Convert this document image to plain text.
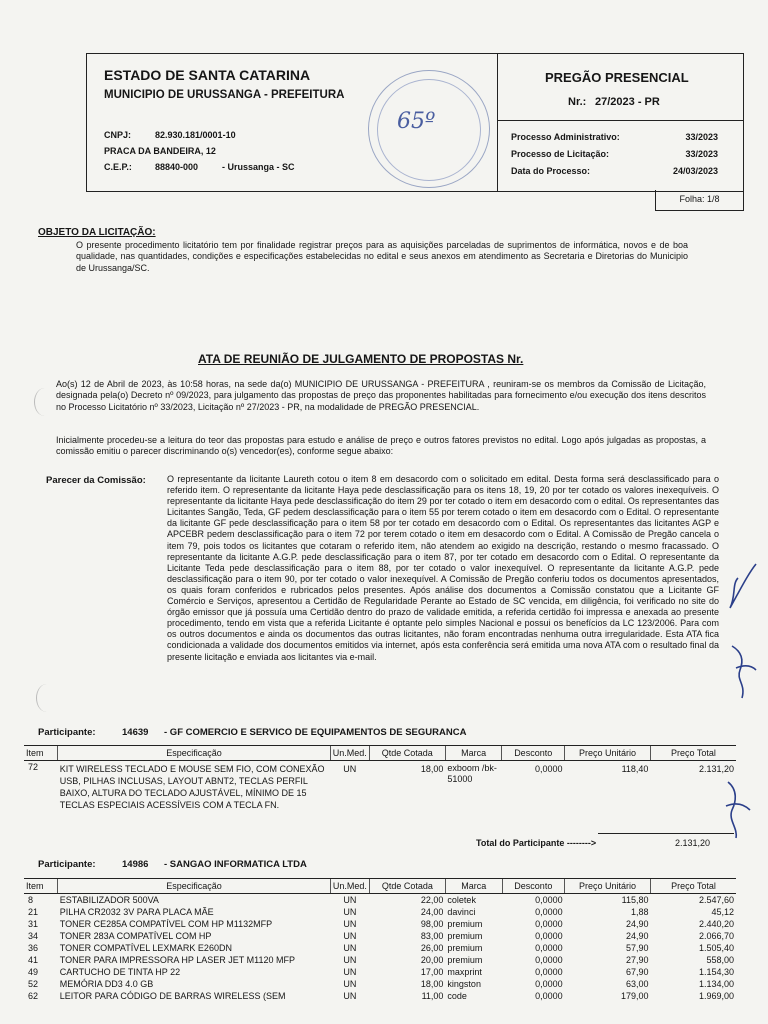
ESTADO DE SANTA CATARINA
MUNICIPIO DE URUSSANGA - PREFEITURA
CNPJ:	82.930.181/0001-10
PRACA DA BANDEIRA, 12
C.E.P.:	88840-000	- Urussanga - SC
65º
PREGÃO PRESENCIAL
Nr.: 27/2023 - PR
Processo Administrativo:	33/2023
Processo de Licitação:	33/2023
Data do Processo:	24/03/2023
Folha: 1/8
OBJETO DA LICITAÇÃO:
O presente procedimento licitatório tem por finalidade registrar preços para as aquisições parceladas de suprimentos de informática, novos e de boa qualidade, nas quantidades, condições e especificações estabelecidas no edital e seus anexos em atendimento as Secretaria e Diretorias do Municipio de Urussanga/SC.
ATA DE REUNIÃO DE JULGAMENTO DE PROPOSTAS Nr.
Ao(s) 12 de Abril de 2023, às 10:58 horas, na sede da(o) MUNICIPIO DE URUSSANGA - PREFEITURA , reuniram-se os membros da Comissão de Licitação, designada pela(o) Decreto nº 09/2023, para julgamento das propostas de preço das proponentes habilitadas para fornecimento e/ou execução dos itens descritos no Processo Licitatório nº 33/2023, Licitação nº 27/2023 - PR, na modalidade de PREGÃO PRESENCIAL.
Inicialmente procedeu-se a leitura do teor das propostas para estudo e análise de preço e outros fatores previstos no edital. Logo após julgadas as propostas, a comissão emitiu o parecer discriminando o(s) vencedor(es), conforme segue abaixo:
Parecer da Comissão: O representante da licitante Laureth cotou o item 8 em desacordo com o solicitado em edital. Desta forma será desclassificado para o referido item. O representante da licitante Haya pede desclassificação para os itens 18, 19, 20 por ter cotado os valores inexequíveis. O representante da licitante Haya pede desclassificação do item 29 por ter cotado o item em desacordo com o edital. Os representantes das Licitantes Sangão, Teda, GF pedem desclassificação para o item 55 por terem cotado o item em desacordo com o Edital. O representante da licitante GF pede desclassificação para o item 58 por ter cotado em desacordo com o Edital. Os representantes das licitantes AGP e APCEBR pedem desclassificação para o item 72 por terem cotado o item em desacordo com o Edital. A Comissão de Pregão cancela o item 79, pois todos os licitantes que cotaram o referido item, não atendem ao exigido na descrição, restando o mesmo fracassado. O representante da licitante A.G.P. pede desclassificação para o item 87, por ter cotado em desacordo com o Edital. O representante da Licitante Teda pede desclassificação para o item 88, por ter cotado o valor inexequível. O representante da licitante A.G.P. pede desclassificação para o item 90, por ter cotado o valor inexequível. A Comissão de Pregão conferiu todos os documentos apresentados, os quais foram conferidos e rubricados pelos presentes. Após análise dos documentos a Comissão constatou que a Licitante GF Comércio e Serviços, apresentou a Certidão de Regularidade Perante ao Estado de SC vencida, em diligência, foi verificado no site do órgão emissor que já possuía uma Certidão dentro do prazo de validade emitida, a referida certidão foi impressa e anexada ao presente procedimento, tendo em vista que a referida Licitante é optante pelo simples Nacional e possui os benefícios da LC 123/2006. Para com os outros documentos e ainda os documentos das outras licitantes, não foram encontradas nenhuma outra irregularidade. Esta ATA fica condicionada a validade dos documentos emitidos via internet, após esta conferência será emitida uma nova ATA com o resultado final da presente licitação e enviada aos licitantes via e-mail.
Participante:	14639 - GF COMERCIO E SERVICO DE EQUIPAMENTOS DE SEGURANCA
Item	Especificação	Un.Med.	Qtde Cotada	Marca	Desconto	Preço Unitário	Preço Total
72	KIT WIRELESS TECLADO E MOUSE SEM FIO, COM CONEXÃO USB, PILHAS INCLUSAS, LAYOUT ABNT2, TECLAS PERFIL BAIXO, ALTURA DO TECLADO AJUSTÁVEL, MÍNIMO DE 15 TECLAS ESPECIAIS ACESSÍVEIS COM A TECLA FN.	UN	18,00	exboom /bk-51000	0,0000	118,40	2.131,20
Total do Participante -------->	2.131,20
Participante:	14986 - SANGAO INFORMATICA LTDA
Item	Especificação	Un.Med.	Qtde Cotada	Marca	Desconto	Preço Unitário	Preço Total
8	ESTABILIZADOR 500VA	UN	22,00	coletek	0,0000	115,80	2.547,60
21	PILHA CR2032 3V PARA PLACA MÃE	UN	24,00	davinci	0,0000	1,88	45,12
31	TONER CE285A COMPATÍVEL COM HP M1132MFP	UN	98,00	premium	0,0000	24,90	2.440,20
34	TONER 283A COMPATÍVEL COM HP	UN	83,00	premium	0,0000	24,90	2.066,70
36	TONER COMPATÍVEL LEXMARK E260DN	UN	26,00	premium	0,0000	57,90	1.505,40
41	TONER PARA IMPRESSORA HP LASER JET M1120 MFP	UN	20,00	premium	0,0000	27,90	558,00
49	CARTUCHO DE TINTA HP 22	UN	17,00	maxprint	0,0000	67,90	1.154,30
52	MEMÓRIA DD3 4.0 GB	UN	18,00	kingston	0,0000	63,00	1.134,00
62	LEITOR PARA CÓDIGO DE BARRAS WIRELESS (SEM	UN	11,00	code	0,0000	179,00	1.969,00
